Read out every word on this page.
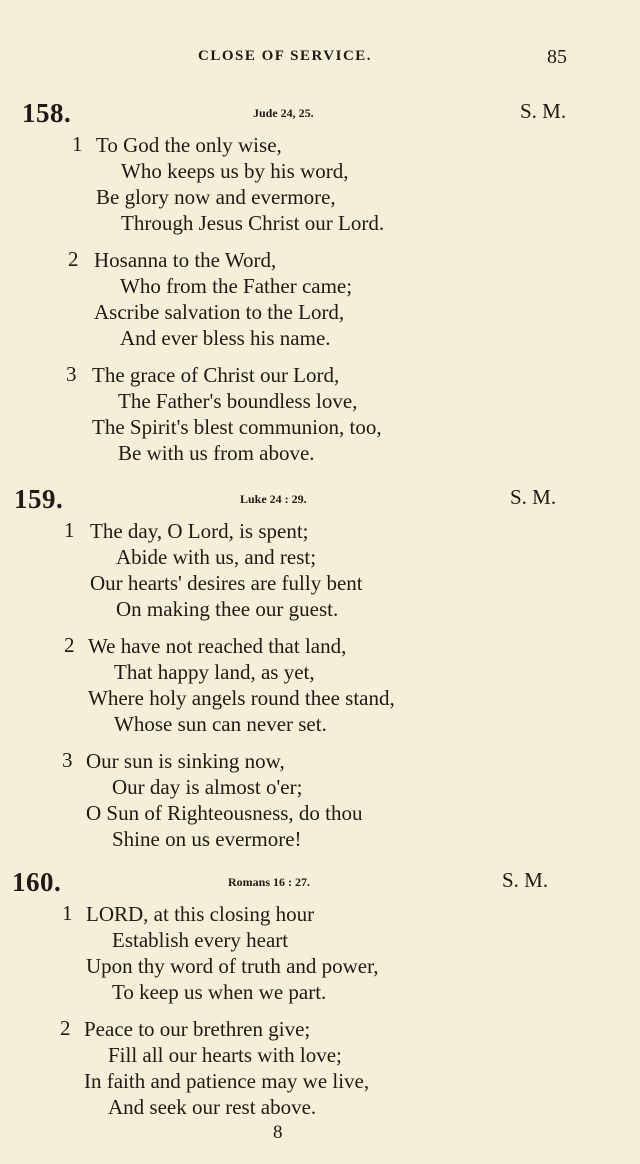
CLOSE OF SERVICE.	85
158.	Jude 24, 25.	S. M.
1 To God the only wise,
Who keeps us by his word,
Be glory now and evermore,
Through Jesus Christ our Lord.
2 Hosanna to the Word,
Who from the Father came;
Ascribe salvation to the Lord,
And ever bless his name.
3 The grace of Christ our Lord,
The Father's boundless love,
The Spirit's blest communion, too,
Be with us from above.
159.	Luke 24 : 29.	S. M.
1 The day, O Lord, is spent;
Abide with us, and rest;
Our hearts' desires are fully bent
On making thee our guest.
2 We have not reached that land,
That happy land, as yet,
Where holy angels round thee stand,
Whose sun can never set.
3 Our sun is sinking now,
Our day is almost o'er;
O Sun of Righteousness, do thou
Shine on us evermore!
160.	Romans 16 : 27.	S. M.
1 LORD, at this closing hour
Establish every heart
Upon thy word of truth and power,
To keep us when we part.
2 Peace to our brethren give;
Fill all our hearts with love;
In faith and patience may we live,
And seek our rest above.
8
